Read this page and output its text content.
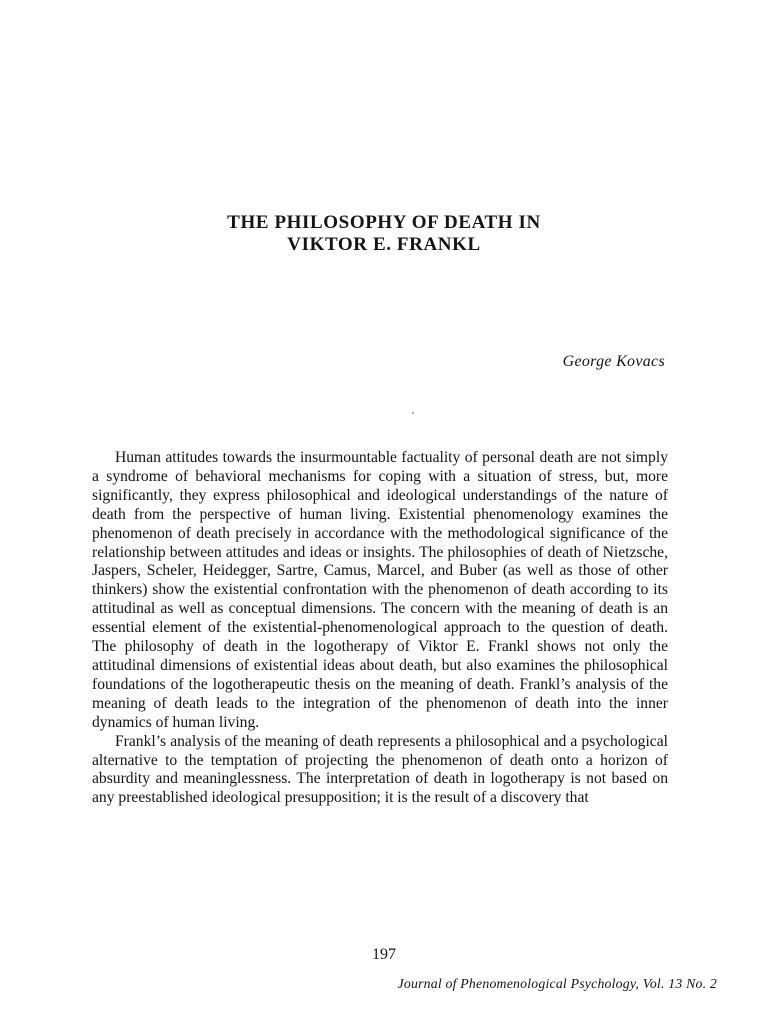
THE PHILOSOPHY OF DEATH IN
VIKTOR E. FRANKL
George Kovacs

Human attitudes towards the insurmountable factuality of personal death are not simply a syndrome of behavioral mechanisms for coping with a situation of stress, but, more significantly, they express philosophical and ideological understandings of the nature of death from the perspective of human living. Existential phenomenology examines the phenomenon of death precisely in accordance with the methodological significance of the relationship between attitudes and ideas or insights. The philosophies of death of Nietzsche, Jaspers, Scheler, Heidegger, Sartre, Camus, Marcel, and Buber (as well as those of other thinkers) show the existential confrontation with the phenomenon of death according to its attitudinal as well as conceptual dimensions. The concern with the meaning of death is an essential element of the existential-phenomenological approach to the question of death. The philosophy of death in the logotherapy of Viktor E. Frankl shows not only the attitudinal dimensions of existential ideas about death, but also examines the philosophical foundations of the logotherapeutic thesis on the meaning of death. Frankl’s analysis of the meaning of death leads to the integration of the phenomenon of death into the inner dynamics of human living.

Frankl’s analysis of the meaning of death represents a philosophical and a psychological alternative to the temptation of projecting the phenomenon of death onto a horizon of absurdity and meaninglessness. The interpretation of death in logotherapy is not based on any preestablished ideological presupposition; it is the result of a discovery that

197
Journal of Phenomenological Psychology, Vol. 13 No. 2
